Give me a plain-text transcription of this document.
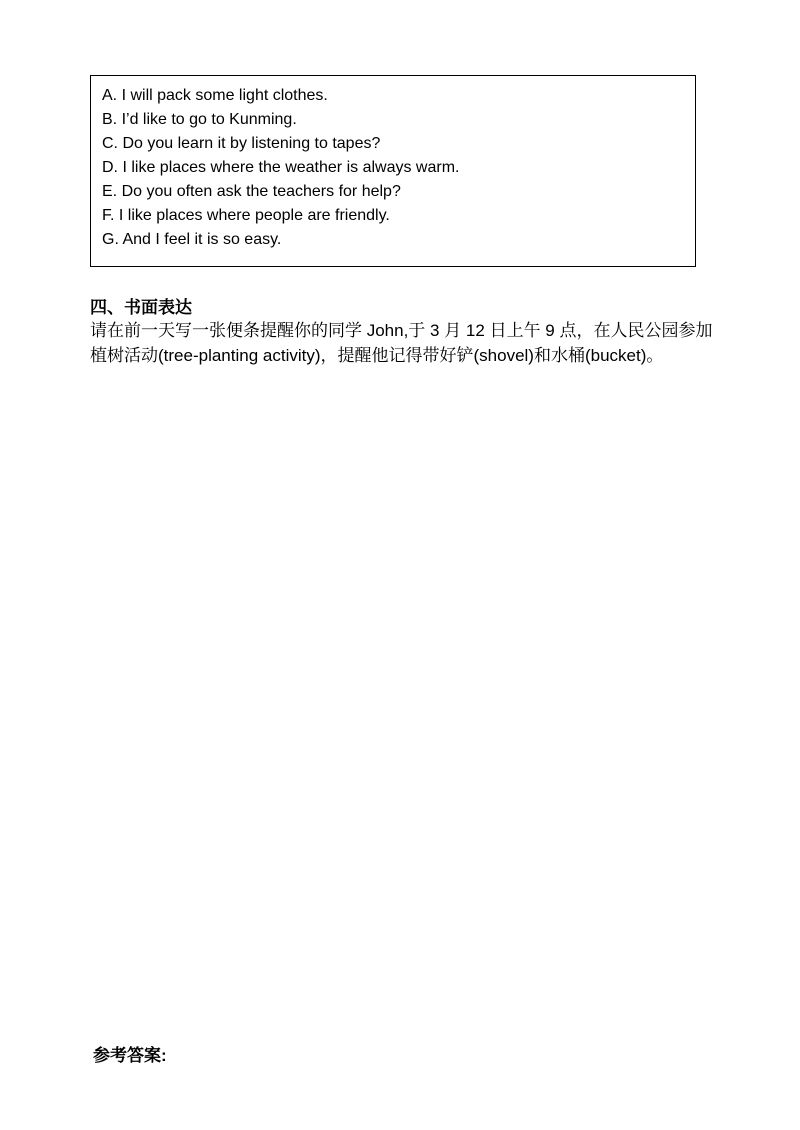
A. I will pack some light clothes.
B. I’d like to go to Kunming.
C. Do you learn it by listening to tapes?
D. I like places where the weather is always warm.
E. Do you often ask the teachers for help?
F. I like places where people are friendly.
G. And I feel it is so easy.
四、书面表达
请在前一天写一张便条提醒你的同学 John,于 3 月 12 日上午 9 点，在人民公园参加植树活动(tree-planting activity)，提醒他记得带好铲(shovel)和水桶(bucket)。
参考答案:
